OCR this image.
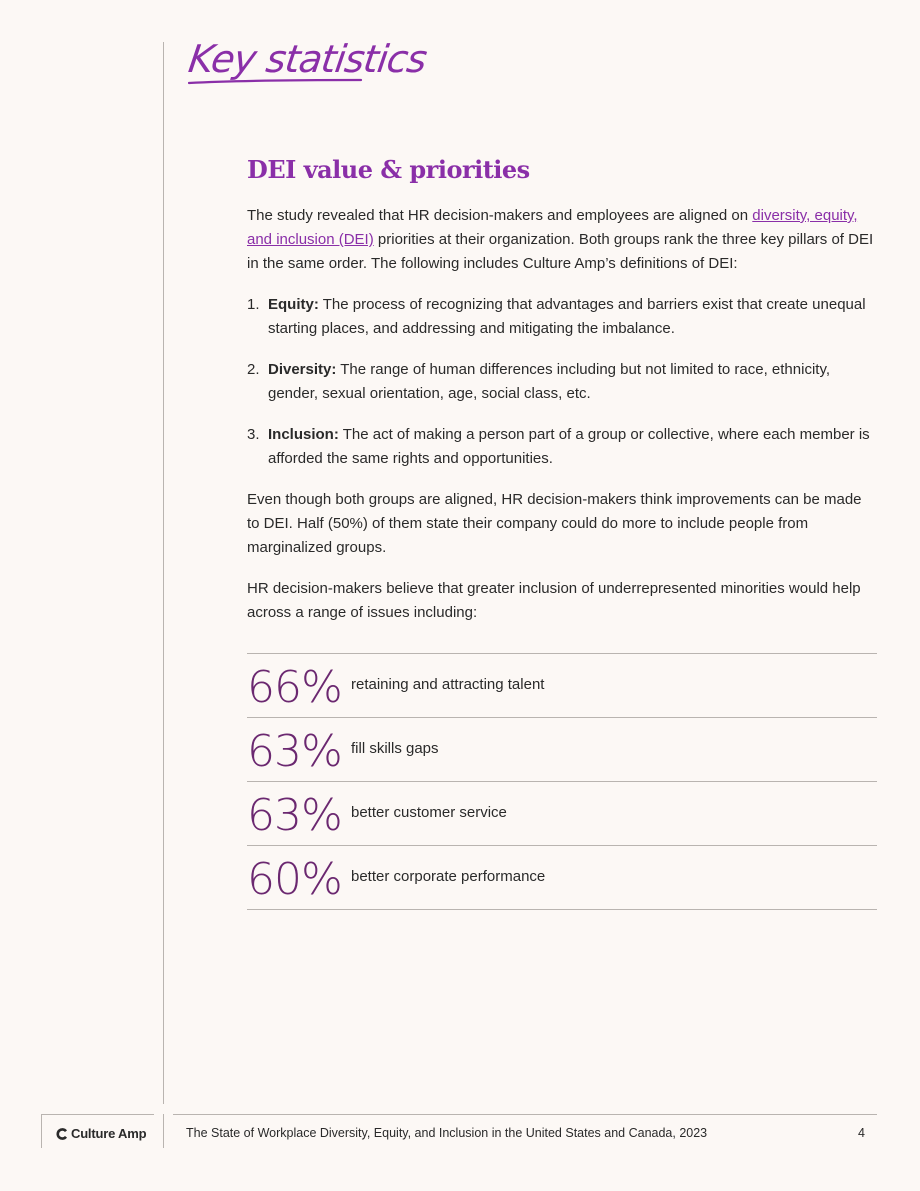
Key statistics
DEI value & priorities

The study revealed that HR decision-makers and employees are aligned on diversity, equity, and inclusion (DEI) priorities at their organization. Both groups rank the three key pillars of DEI in the same order. The following includes Culture Amp’s definitions of DEI:

1. Equity: The process of recognizing that advantages and barriers exist that create unequal starting places, and addressing and mitigating the imbalance.
2. Diversity: The range of human differences including but not limited to race, ethnicity, gender, sexual orientation, age, social class, etc.
3. Inclusion: The act of making a person part of a group or collective, where each member is afforded the same rights and opportunities.

Even though both groups are aligned, HR decision-makers think improvements can be made to DEI. Half (50%) of them state their company could do more to include people from marginalized groups.

HR decision-makers believe that greater inclusion of underrepresented minorities would help across a range of issues including:

66% retaining and attracting talent
63% fill skills gaps
63% better customer service
60% better corporate performance
Culture Amp	The State of Workplace Diversity, Equity, and Inclusion in the United States and Canada, 2023	4
